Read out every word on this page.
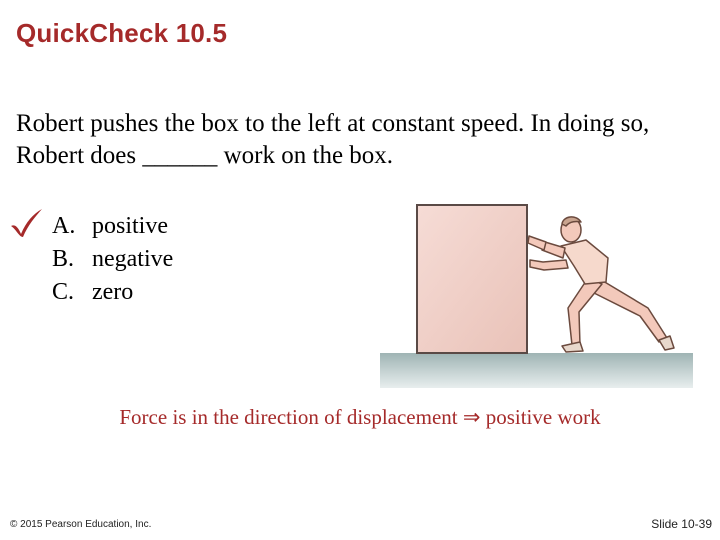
QuickCheck 10.5
Robert pushes the box to the left at constant speed. In doing so, Robert does ______ work on the box.
A. positive
B. negative
C. zero
Force is in the direction of displacement ⇒ positive work
© 2015 Pearson Education, Inc.	Slide 10-39
